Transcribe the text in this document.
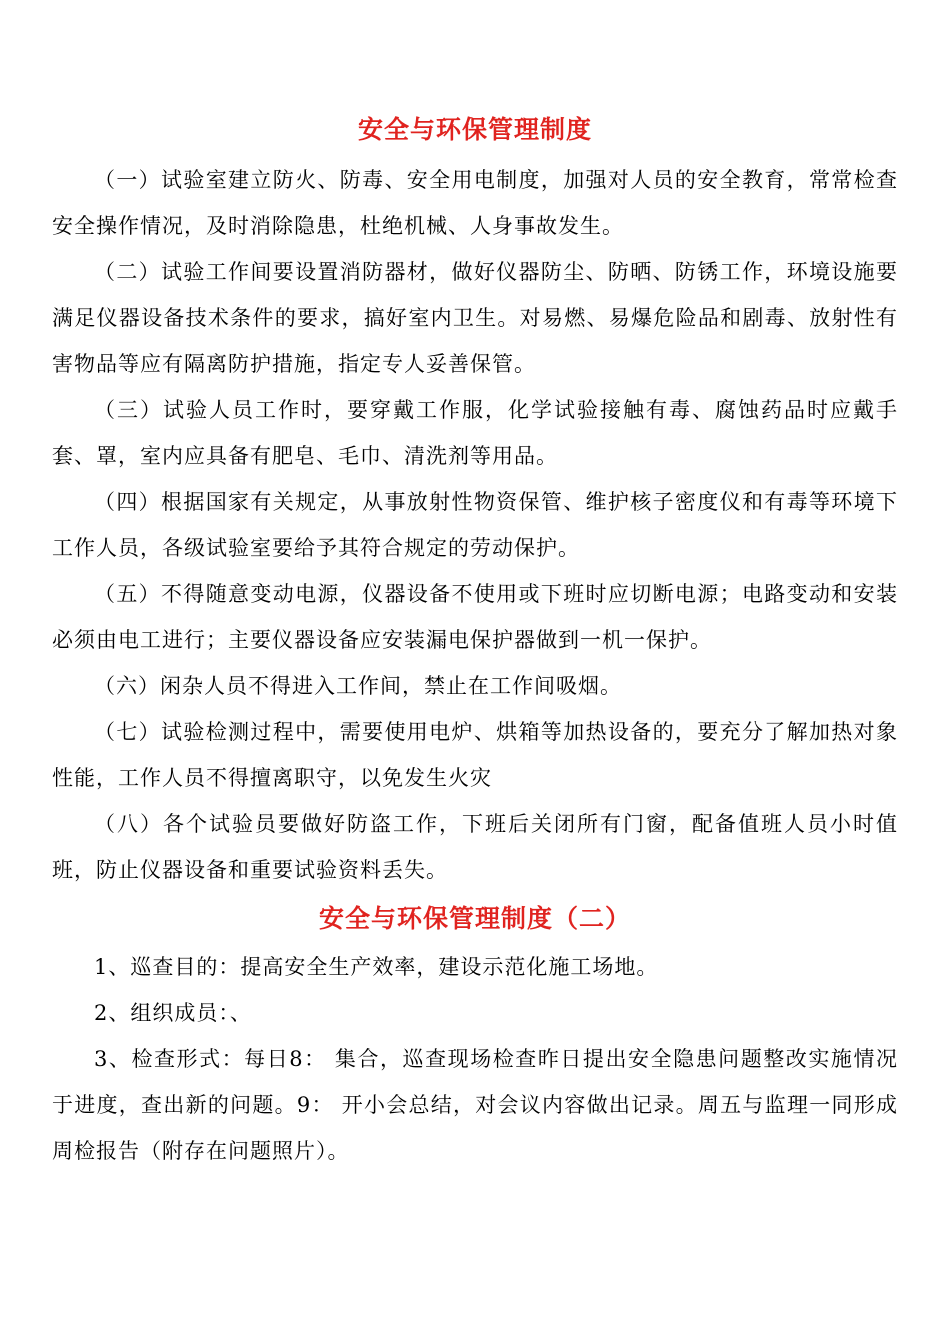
安全与环保管理制度

（一）试验室建立防火、防毒、安全用电制度，加强对人员的安全教育，常常检查安全操作情况，及时消除隐患，杜绝机械、人身事故发生。

（二）试验工作间要设置消防器材，做好仪器防尘、防晒、防锈工作，环境设施要满足仪器设备技术条件的要求，搞好室内卫生。对易燃、易爆危险品和剧毒、放射性有害物品等应有隔离防护措施，指定专人妥善保管。

（三）试验人员工作时，要穿戴工作服，化学试验接触有毒、腐蚀药品时应戴手套、罩，室内应具备有肥皂、毛巾、清洗剂等用品。

（四）根据国家有关规定，从事放射性物资保管、维护核子密度仪和有毒等环境下工作人员，各级试验室要给予其符合规定的劳动保护。

（五）不得随意变动电源，仪器设备不使用或下班时应切断电源；电路变动和安装必须由电工进行；主要仪器设备应安装漏电保护器做到一机一保护。

（六）闲杂人员不得进入工作间，禁止在工作间吸烟。

（七）试验检测过程中，需要使用电炉、烘箱等加热设备的，要充分了解加热对象性能，工作人员不得擅离职守，以免发生火灾

（八）各个试验员要做好防盗工作，下班后关闭所有门窗，配备值班人员小时值班，防止仪器设备和重要试验资料丢失。

安全与环保管理制度（二）

1、巡查目的：提高安全生产效率，建设示范化施工场地。

2、组织成员：、

3、检查形式：每日8： 集合，巡查现场检查昨日提出安全隐患问题整改实施情况于进度，查出新的问题。9： 开小会总结，对会议内容做出记录。周五与监理一同形成周检报告（附存在问题照片）。
